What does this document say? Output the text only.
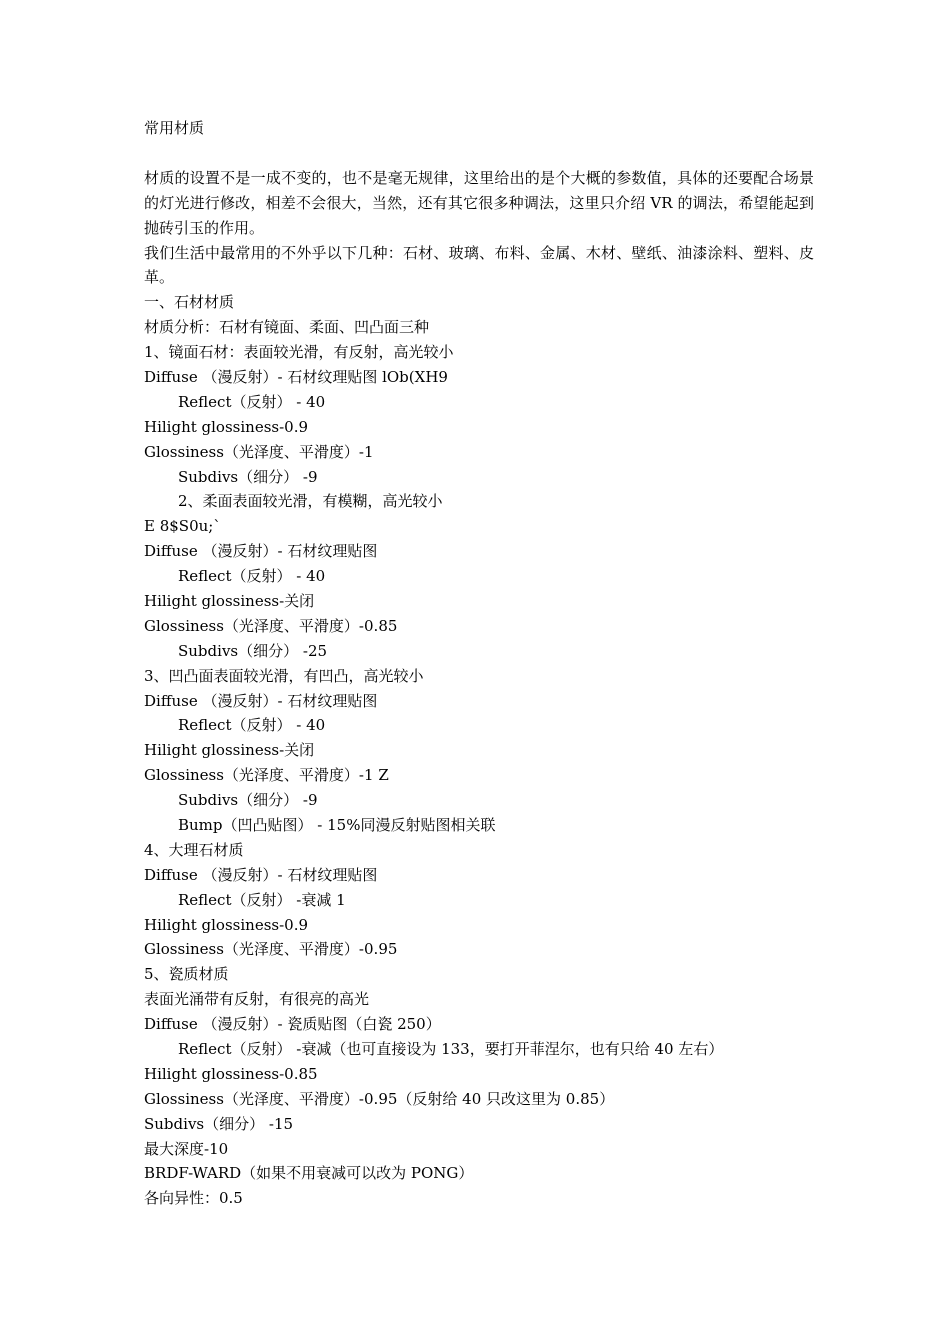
常用材质
材质的设置不是一成不变的，也不是毫无规律，这里给出的是个大概的参数值，具体的还要配合场景的灯光进行修改，相差不会很大，当然，还有其它很多种调法，这里只介绍 VR 的调法，希望能起到抛砖引玉的作用。
我们生活中最常用的不外乎以下几种：石材、玻璃、布料、金属、木材、壁纸、油漆涂料、塑料、皮革。
一、石材材质
材质分析：石材有镜面、柔面、凹凸面三种
1、镜面石材：表面较光滑，有反射，高光较小
Diffuse （漫反射）- 石材纹理贴图 lOb(XH9
Reflect（反射） - 40
Hilight glossiness-0.9
Glossiness（光泽度、平滑度）-1
Subdivs（细分） -9
2、柔面表面较光滑，有模糊，高光较小
E 8$S0u;`
Diffuse （漫反射）- 石材纹理贴图
Reflect（反射） - 40
Hilight glossiness-关闭
Glossiness（光泽度、平滑度）-0.85
Subdivs（细分） -25
3、凹凸面表面较光滑，有凹凸，高光较小
Diffuse （漫反射）- 石材纹理贴图
Reflect（反射） - 40
Hilight glossiness-关闭
Glossiness（光泽度、平滑度）-1 Z
Subdivs（细分） -9
Bump（凹凸贴图） - 15%同漫反射贴图相关联
4、大理石材质
Diffuse （漫反射）- 石材纹理贴图
Reflect（反射） -衰减 1
Hilight glossiness-0.9
Glossiness（光泽度、平滑度）-0.95
5、瓷质材质
表面光涌带有反射，有很亮的高光
Diffuse （漫反射）- 瓷质贴图（白瓷 250）
Reflect（反射） -衰减（也可直接设为 133，要打开菲涅尔，也有只给 40 左右）
Hilight glossiness-0.85
Glossiness（光泽度、平滑度）-0.95（反射给 40 只改这里为 0.85）
Subdivs（细分） -15
最大深度-10
BRDF-WARD（如果不用衰减可以改为 PONG）
各向异性：0.5
